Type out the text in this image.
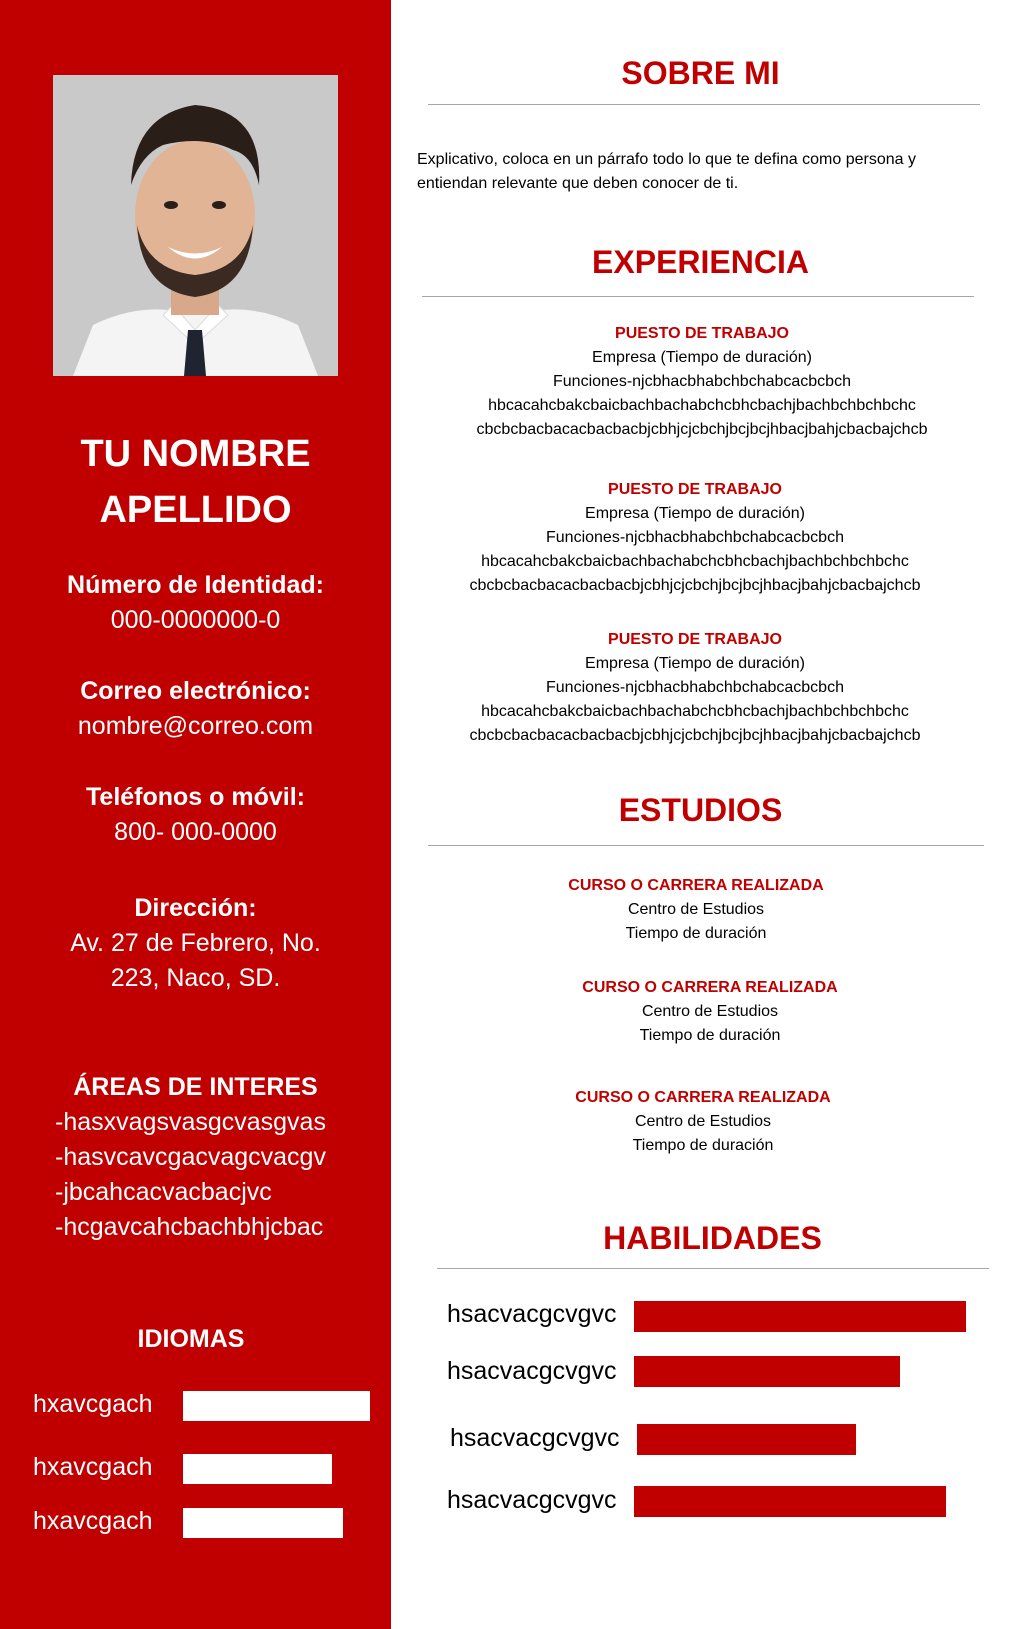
TU NOMBRE
APELLIDO
Número de Identidad:
000-0000000-0
Correo electrónico:
nombre@correo.com
Teléfonos o móvil:
800- 000-0000
Dirección:
Av. 27 de Febrero, No.
223, Naco, SD.
ÁREAS DE INTERES
-hasxvagsvasgcvasgvas
-hasvcavcgacvagcvacgv
-jbcahcacvacbacjvc
-hcgavcahcbachbhjcbac
IDIOMAS
hxavcgach
hxavcgach
hxavcgach
SOBRE MI
Explicativo, coloca en un párrafo todo lo que te defina como persona y entiendan relevante que deben conocer de ti.
EXPERIENCIA
PUESTO DE TRABAJO
Empresa (Tiempo de duración)
Funciones-njcbhacbhabchbchabcacbcbch
hbcacahcbakcbaicbachbachabchcbhcbachjbachbchbchbchc
cbcbcbacbacacbacbacbjcbhjcjcbchjbcjbcjhbacjbahjcbacbajchcb
PUESTO DE TRABAJO
Empresa (Tiempo de duración)
Funciones-njcbhacbhabchbchabcacbcbch
hbcacahcbakcbaicbachbachabchcbhcbachjbachbchbchbchc
cbcbcbacbacacbacbacbjcbhjcjcbchjbcjbcjhbacjbahjcbacbajchcb
PUESTO DE TRABAJO
Empresa (Tiempo de duración)
Funciones-njcbhacbhabchbchabcacbcbch
hbcacahcbakcbaicbachbachabchcbhcbachjbachbchbchbchc
cbcbcbacbacacbacbacbjcbhjcjcbchjbcjbcjhbacjbahjcbacbajchcb
ESTUDIOS
CURSO O CARRERA REALIZADA
Centro de Estudios
Tiempo de duración
CURSO O CARRERA REALIZADA
Centro de Estudios
Tiempo de duración
CURSO O CARRERA REALIZADA
Centro de Estudios
Tiempo de duración
HABILIDADES
hsacvacgcvgvc
hsacvacgcvgvc
hsacvacgcvgvc
hsacvacgcvgvc
